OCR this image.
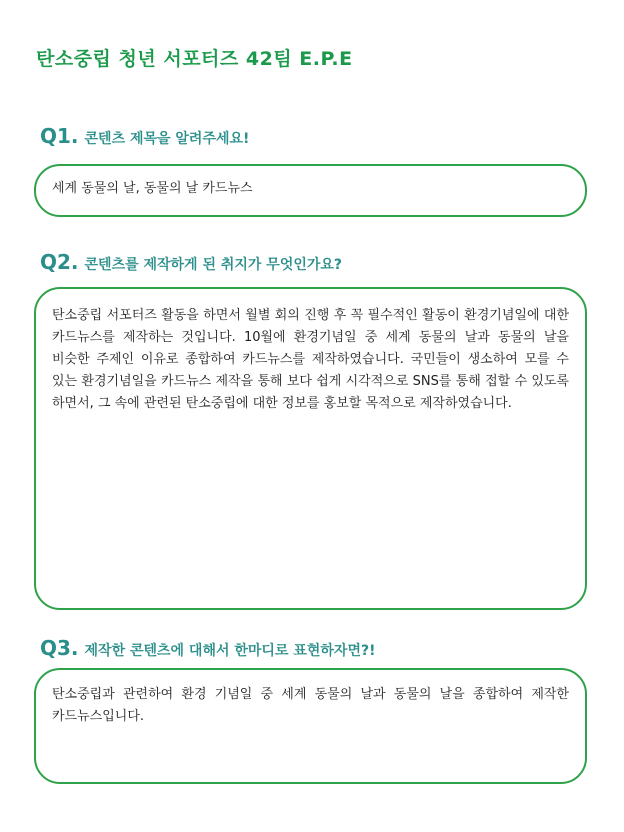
탄소중립 청년 서포터즈 42팀 E.P.E
Q1. 콘텐츠 제목을 알려주세요!
세계 동물의 날, 동물의 날 카드뉴스
Q2. 콘텐츠를 제작하게 된 취지가 무엇인가요?
탄소중립 서포터즈 활동을 하면서 월별 회의 진행 후 꼭 필수적인 활동이 환경기념일에 대한 카드뉴스를 제작하는 것입니다. 10월에 환경기념일 중 세계 동물의 날과 동물의 날을 비슷한 주제인 이유로 종합하여 카드뉴스를 제작하였습니다. 국민들이 생소하여 모를 수 있는 환경기념일을 카드뉴스 제작을 통해 보다 쉽게 시각적으로 SNS를 통해 접할 수 있도록 하면서, 그 속에 관련된 탄소중립에 대한 정보를 홍보할 목적으로 제작하였습니다.
Q3. 제작한 콘텐츠에 대해서 한마디로 표현하자면?!
탄소중립과 관련하여 환경 기념일 중 세계 동물의 날과 동물의 날을 종합하여 제작한 카드뉴스입니다.
